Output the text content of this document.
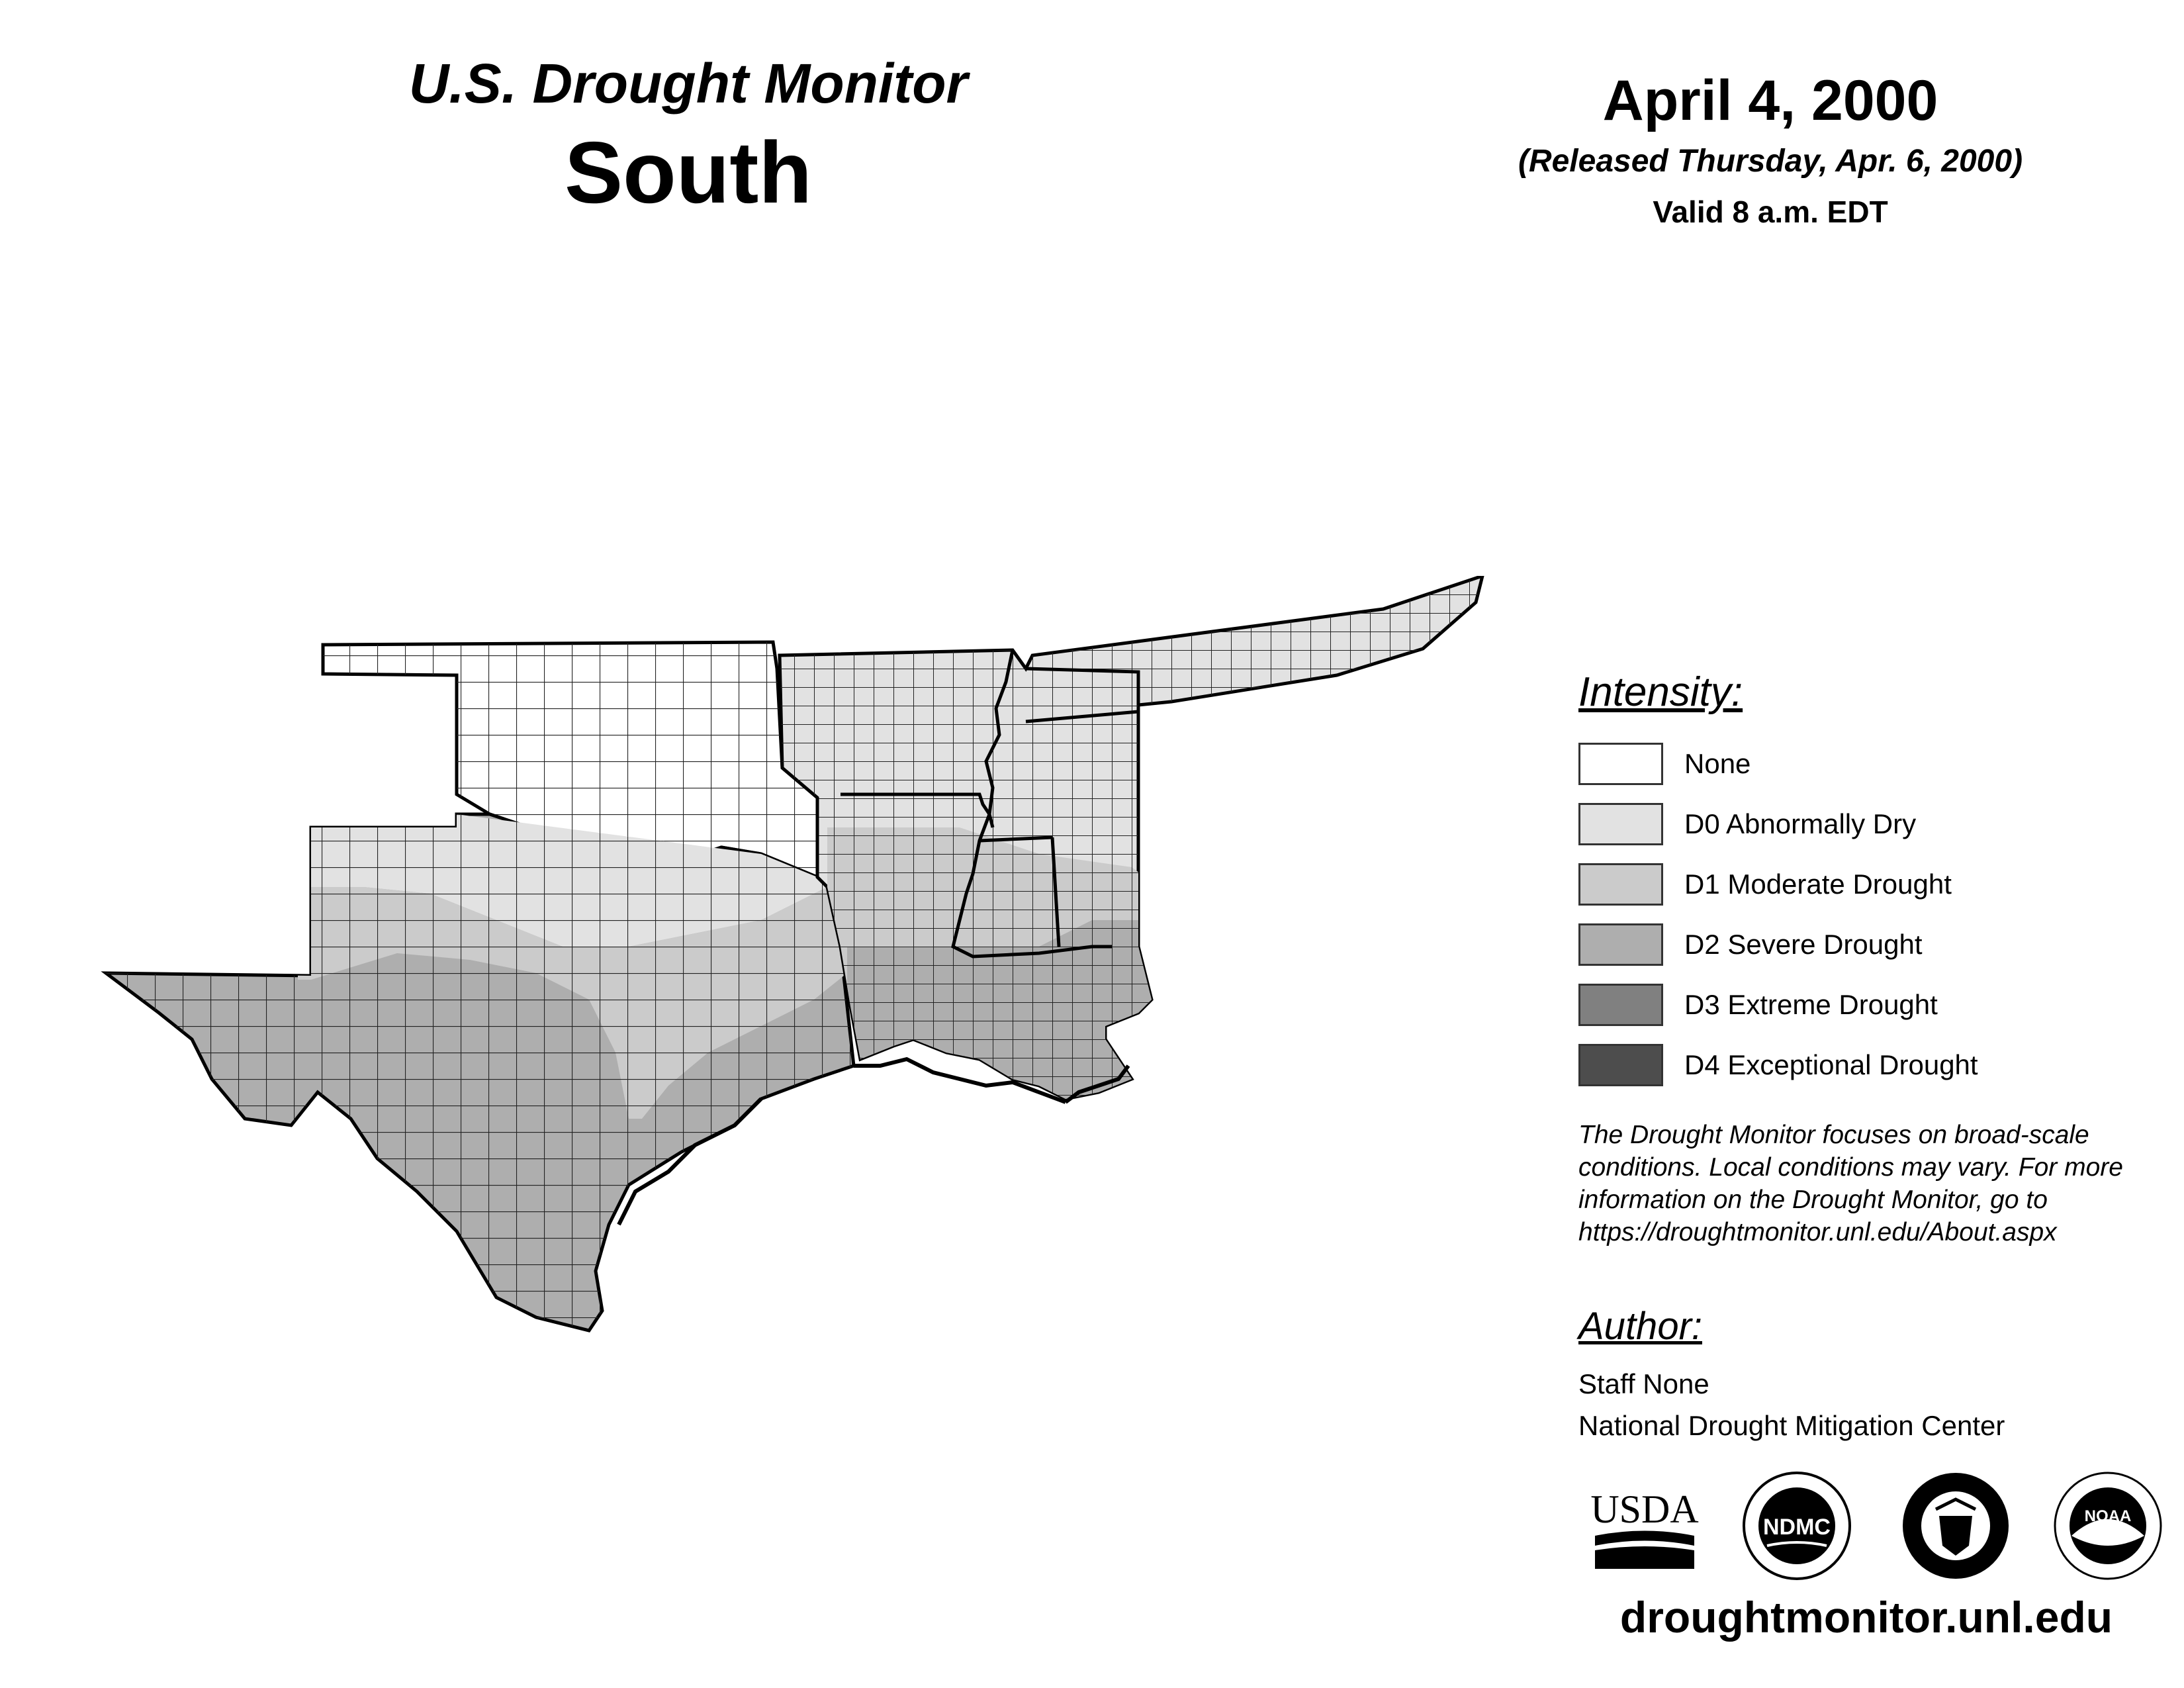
U.S. Drought Monitor
South
April 4, 2000
(Released Thursday, Apr. 6, 2000)
Valid 8 a.m. EDT
Intensity:
None
D0 Abnormally Dry
D1 Moderate Drought
D2 Severe Drought
D3 Extreme Drought
D4 Exceptional Drought
The Drought Monitor focuses on broad-scale conditions. Local conditions may vary. For more information on the Drought Monitor, go to https://droughtmonitor.unl.edu/About.aspx
Author:
Staff None
National Drought Mitigation Center
USDA	NDMC	NOAA
droughtmonitor.unl.edu
